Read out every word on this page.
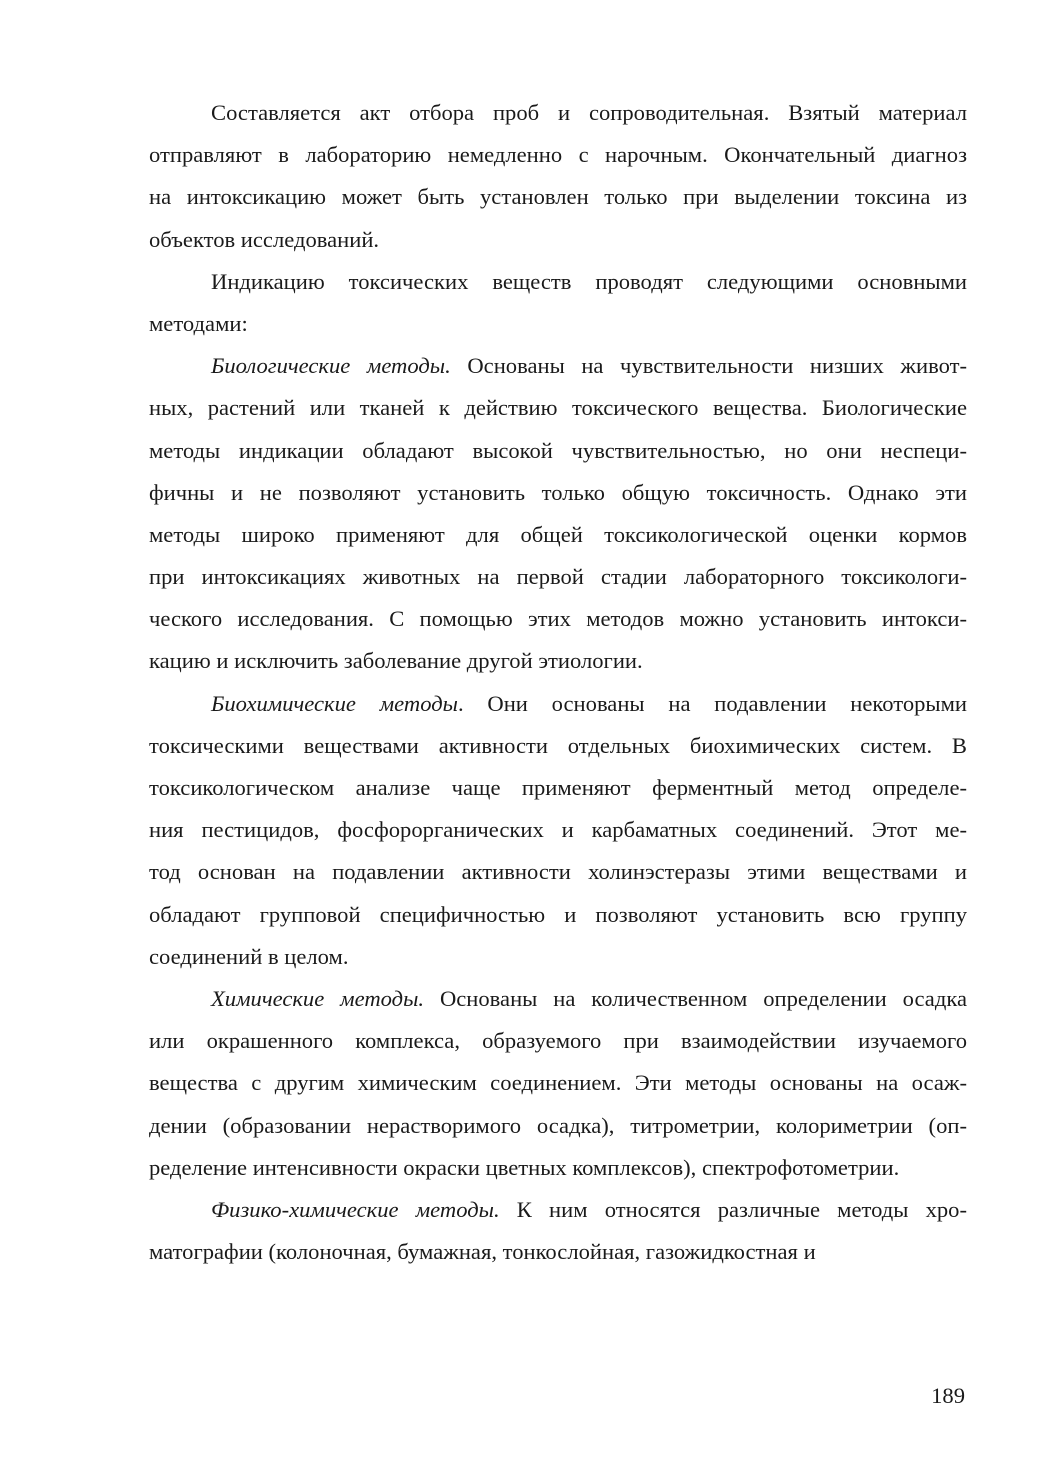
Составляется акт отбора проб и сопроводительная. Взятый материал
отправляют в лабораторию немедленно с нарочным. Окончательный диагноз
на интоксикацию может быть установлен только при выделении токсина из
объектов исследований.

Индикацию токсических веществ проводят следующими основными
методами:

Биологические методы. Основаны на чувствительности низших живот-
ных, растений или тканей к действию токсического вещества. Биологические
методы индикации обладают высокой чувствительностью, но они неспеци-
фичны и не позволяют установить только общую токсичность. Однако эти
методы широко применяют для общей токсикологической оценки кормов
при интоксикациях животных на первой стадии лабораторного токсикологи-
ческого исследования. С помощью этих методов можно установить интокси-
кацию и исключить заболевание другой этиологии.

Биохимические методы. Они основаны на подавлении некоторыми
токсическими веществами активности отдельных биохимических систем. В
токсикологическом анализе чаще применяют ферментный метод определе-
ния пестицидов, фосфорорганических и карбаматных соединений. Этот ме-
тод основан на подавлении активности холинэстеразы этими веществами и
обладают групповой специфичностью и позволяют установить всю группу
соединений в целом.

Химические методы. Основаны на количественном определении осадка
или окрашенного комплекса, образуемого при взаимодействии изучаемого
вещества с другим химическим соединением. Эти методы основаны на осаж-
дении (образовании нерастворимого осадка), титрометрии, колориметрии (оп-
ределение интенсивности окраски цветных комплексов), спектрофотометрии.

Физико-химические методы. К ним относятся различные методы хро-
матографии (колоночная, бумажная, тонкослойная, газожидкостная и

189
